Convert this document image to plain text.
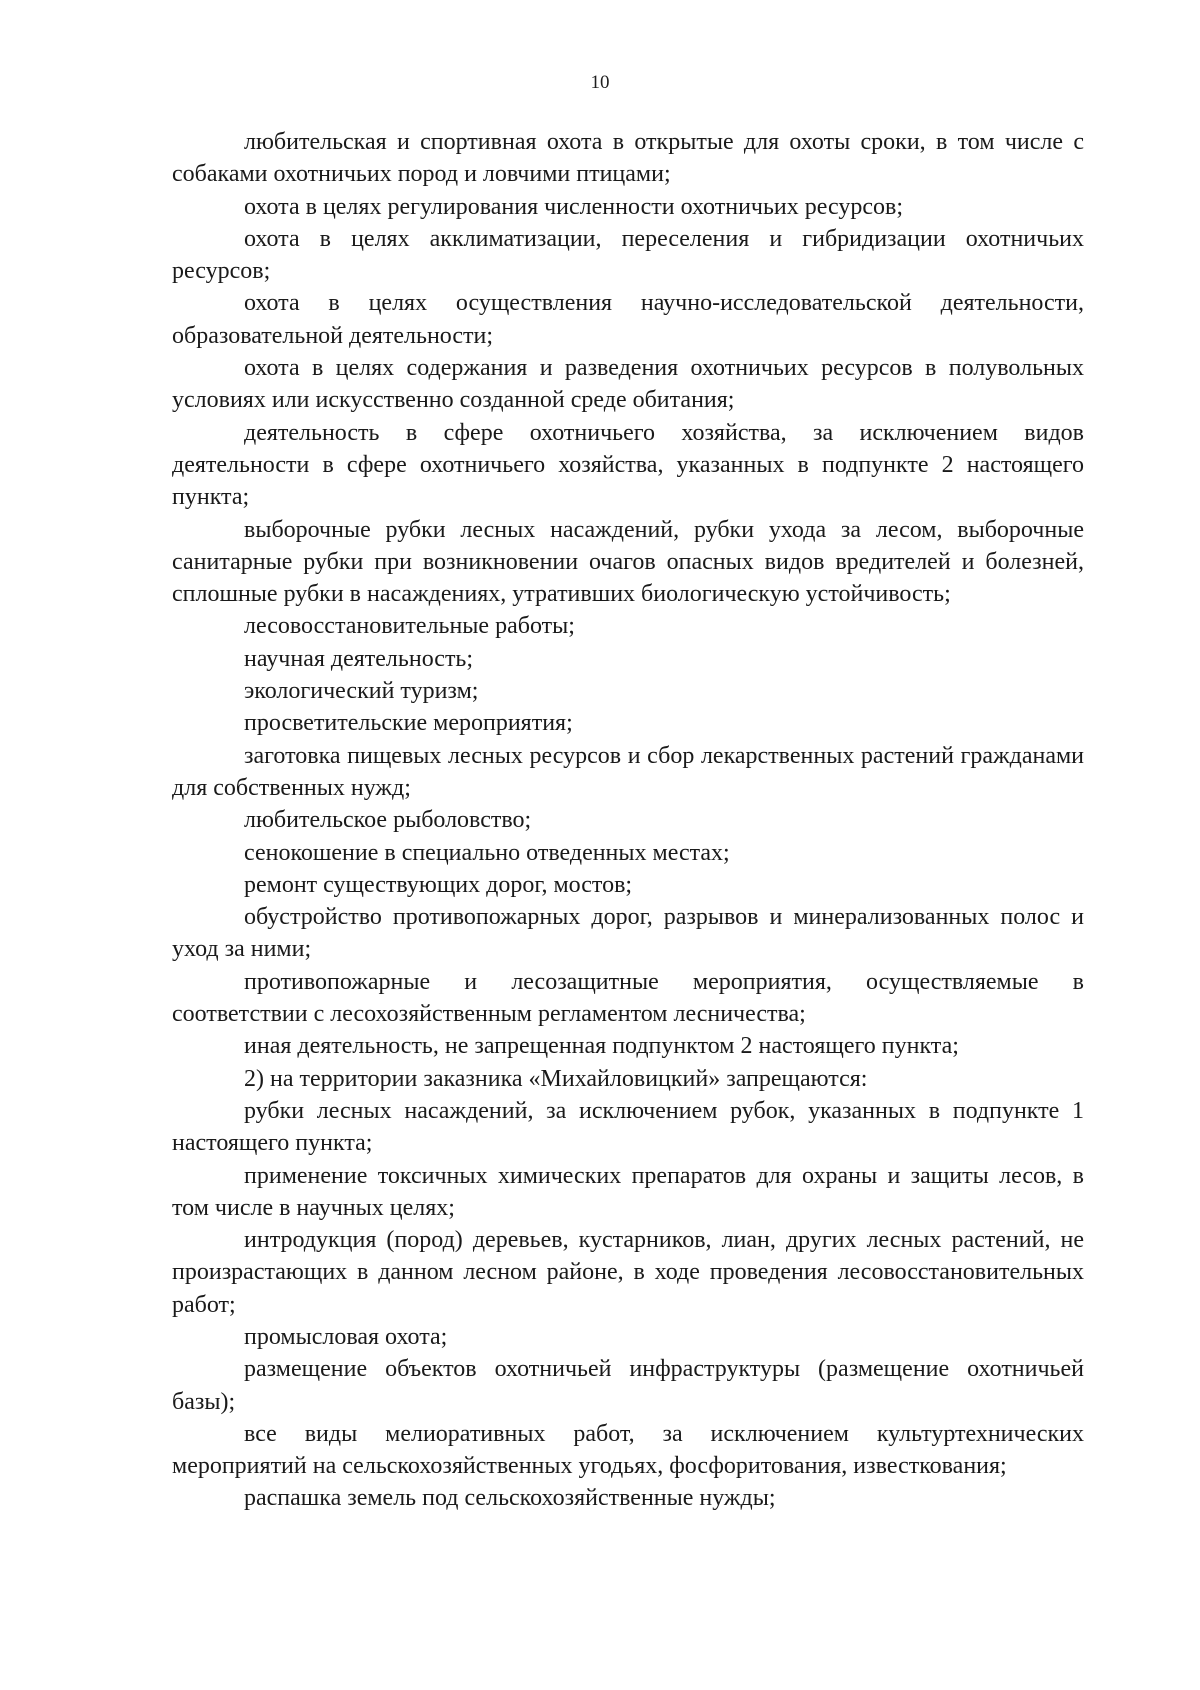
10

любительская и спортивная охота в открытые для охоты сроки, в том числе с собаками охотничьих пород и ловчими птицами;

охота в целях регулирования численности охотничьих ресурсов;

охота в целях акклиматизации, переселения и гибридизации охотничьих ресурсов;

охота в целях осуществления научно-исследовательской деятельности, образовательной деятельности;

охота в целях содержания и разведения охотничьих ресурсов в полувольных условиях или искусственно созданной среде обитания;

деятельность в сфере охотничьего хозяйства, за исключением видов деятельности в сфере охотничьего хозяйства, указанных в подпункте 2 настоящего пункта;

выборочные рубки лесных насаждений, рубки ухода за лесом, выборочные санитарные рубки при возникновении очагов опасных видов вредителей и болезней, сплошные рубки в насаждениях, утративших биологическую устойчивость;

лесовосстановительные работы;

научная деятельность;

экологический туризм;

просветительские мероприятия;

заготовка пищевых лесных ресурсов и сбор лекарственных растений гражданами для собственных нужд;

любительское рыболовство;

сенокошение в специально отведенных местах;

ремонт существующих дорог, мостов;

обустройство противопожарных дорог, разрывов и минерализованных полос и уход за ними;

противопожарные и лесозащитные мероприятия, осуществляемые в соответствии с лесохозяйственным регламентом лесничества;

иная деятельность, не запрещенная подпунктом 2 настоящего пункта;

2) на территории заказника «Михайловицкий» запрещаются:

рубки лесных насаждений, за исключением рубок, указанных в подпункте 1 настоящего пункта;

применение токсичных химических препаратов для охраны и защиты лесов, в том числе в научных целях;

интродукция (пород) деревьев, кустарников, лиан, других лесных растений, не произрастающих в данном лесном районе, в ходе проведения лесовосстановительных работ;

промысловая охота;

размещение объектов охотничьей инфраструктуры (размещение охотничьей базы);

все виды мелиоративных работ, за исключением культуртехнических мероприятий на сельскохозяйственных угодьях, фосфоритования, известкования;

распашка земель под сельскохозяйственные нужды;
